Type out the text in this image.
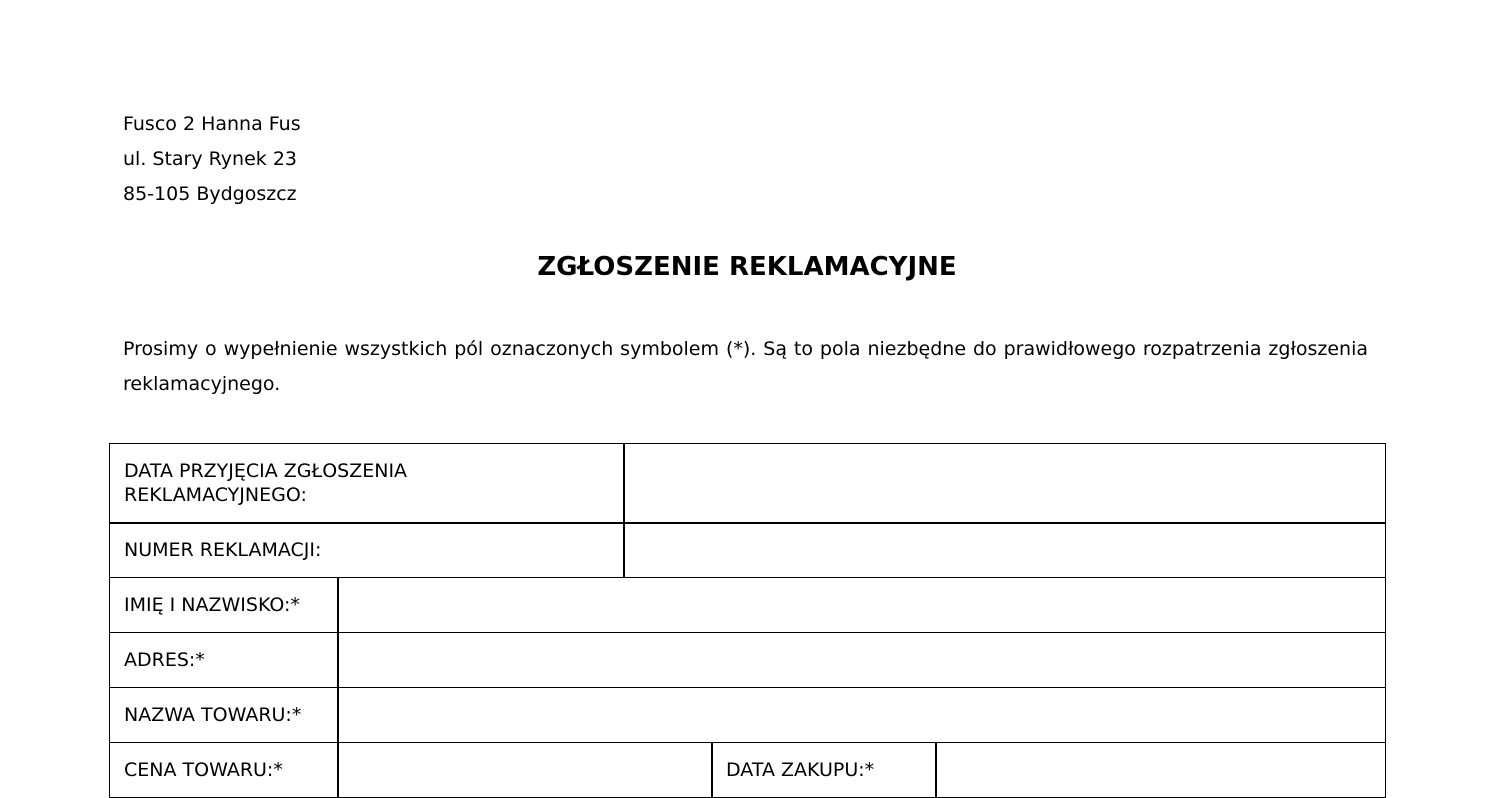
Fusco 2 Hanna Fus
ul. Stary Rynek 23
85-105 Bydgoszcz
ZGŁOSZENIE REKLAMACYJNE
Prosimy o wypełnienie wszystkich pól oznaczonych symbolem (*). Są to pola niezbędne do prawidłowego rozpatrzenia zgłoszenia reklamacyjnego.
DATA PRZYJĘCIA ZGŁOSZENIA REKLAMACYJNEGO:
NUMER REKLAMACJI:
IMIĘ I NAZWISKO:*
ADRES:*
NAZWA TOWARU:*
CENA TOWARU:*	DATA ZAKUPU:*
